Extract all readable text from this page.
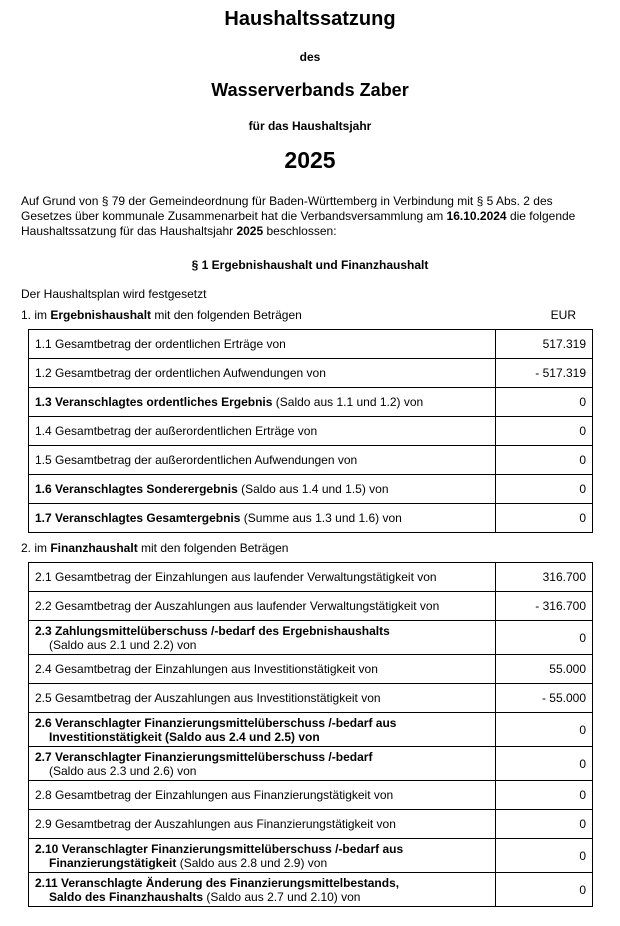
Haushaltssatzung
des
Wasserverbands Zaber
für das Haushaltsjahr
2025
Auf Grund von § 79 der Gemeindeordnung für Baden-Württemberg in Verbindung mit § 5 Abs. 2 des Gesetzes über kommunale Zusammenarbeit hat die Verbandsversammlung am 16.10.2024 die folgende Haushaltssatzung für das Haushaltsjahr 2025 beschlossen:
§ 1 Ergebnishaushalt und Finanzhaushalt
Der Haushaltsplan wird festgesetzt
1. im Ergebnishaushalt mit den folgenden Beträgen	EUR
1.1 Gesamtbetrag der ordentlichen Erträge von	517.319

1.2 Gesamtbetrag der ordentlichen Aufwendungen von	- 517.319

1.3 Veranschlagtes ordentliches Ergebnis (Saldo aus 1.1 und 1.2) von	0

1.4 Gesamtbetrag der außerordentlichen Erträge von	0

1.5 Gesamtbetrag der außerordentlichen Aufwendungen von	0

1.6 Veranschlagtes Sonderergebnis (Saldo aus 1.4 und 1.5) von	0

1.7 Veranschlagtes Gesamtergebnis (Summe aus 1.3 und 1.6) von	0
2. im Finanzhaushalt mit den folgenden Beträgen
2.1 Gesamtbetrag der Einzahlungen aus laufender Verwaltungstätigkeit von	316.700

2.2 Gesamtbetrag der Auszahlungen aus laufender Verwaltungstätigkeit von	- 316.700

2.3 Zahlungsmittelüberschuss /-bedarf des Ergebnishaushalts
(Saldo aus 2.1 und 2.2) von	0

2.4 Gesamtbetrag der Einzahlungen aus Investitionstätigkeit von	55.000

2.5 Gesamtbetrag der Auszahlungen aus Investitionstätigkeit von	- 55.000

2.6 Veranschlagter Finanzierungsmittelüberschuss /-bedarf aus
Investitionstätigkeit (Saldo aus 2.4 und 2.5) von	0

2.7 Veranschlagter Finanzierungsmittelüberschuss /-bedarf
(Saldo aus 2.3 und 2.6) von	0

2.8 Gesamtbetrag der Einzahlungen aus Finanzierungstätigkeit von	0

2.9 Gesamtbetrag der Auszahlungen aus Finanzierungstätigkeit von	0

2.10 Veranschlagter Finanzierungsmittelüberschuss /-bedarf aus
Finanzierungstätigkeit (Saldo aus 2.8 und 2.9) von	0

2.11 Veranschlagte Änderung des Finanzierungsmittelbestands,
Saldo des Finanzhaushalts (Saldo aus 2.7 und 2.10) von	0
